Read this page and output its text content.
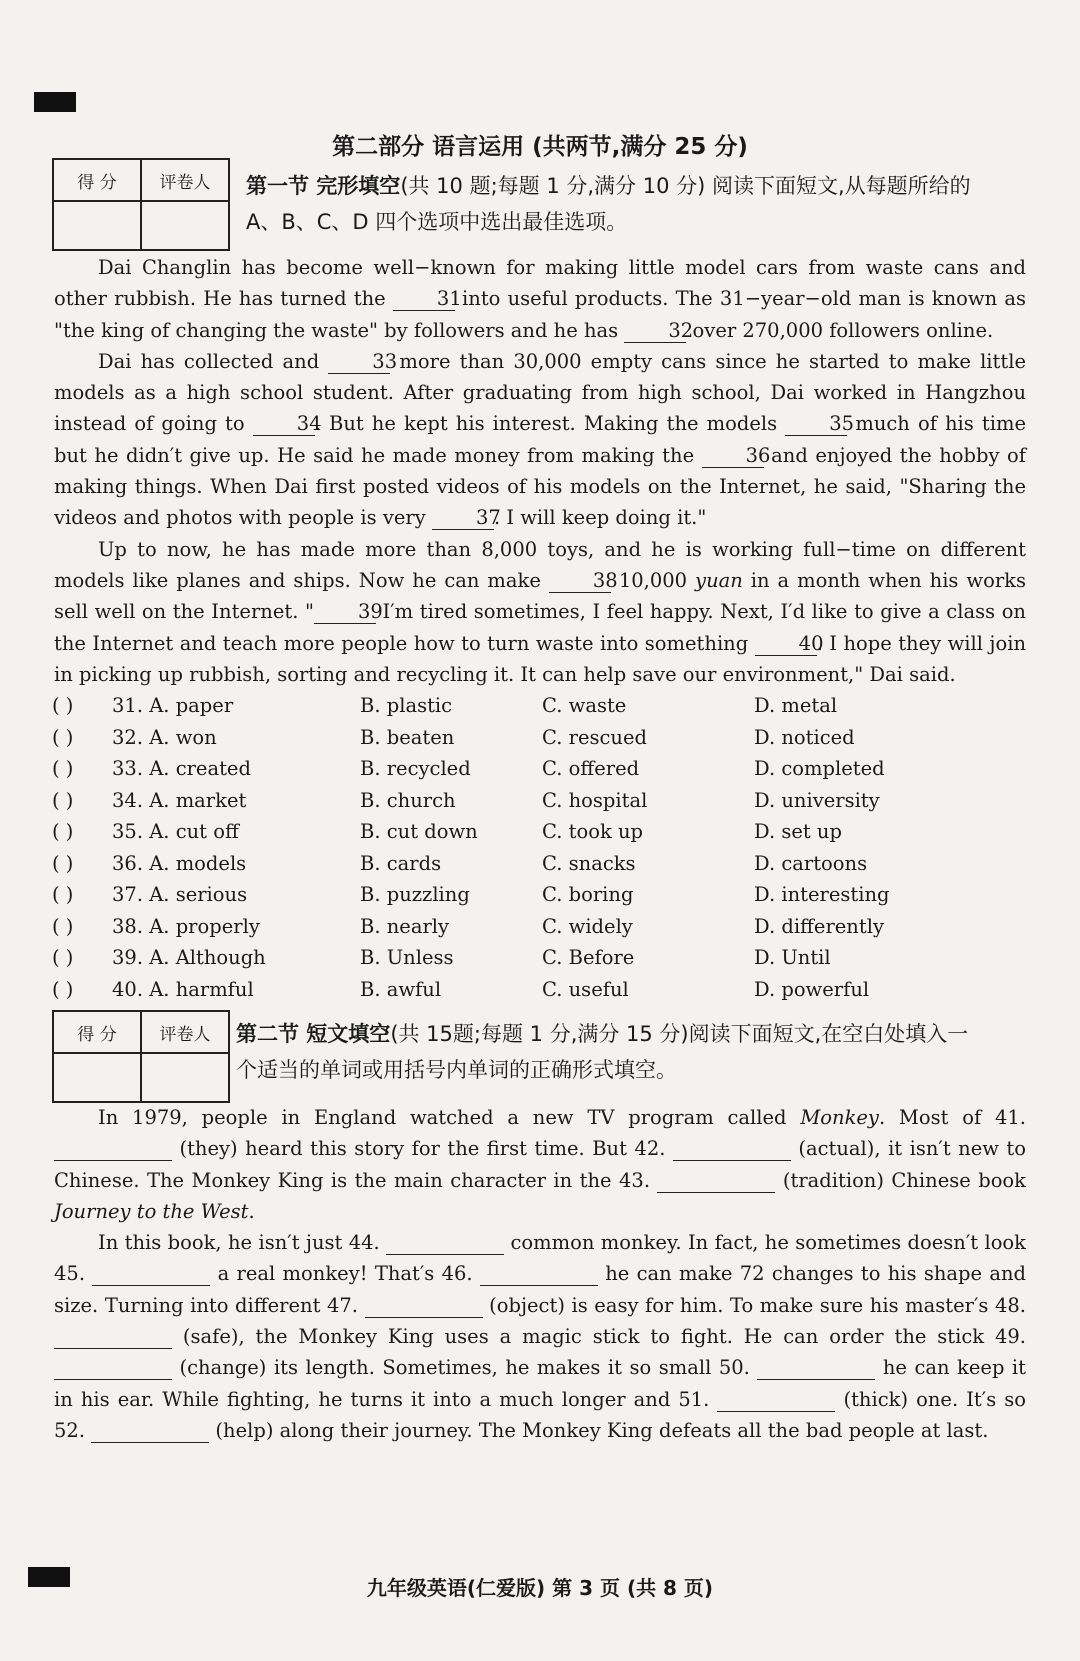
第二部分 语言运用 (共两节,满分 25 分)
得 分	评卷人
	第一节 完形填空(共 10 题;每题 1 分,满分 10 分) 阅读下面短文,从每题所给的 A、B、C、D 四个选项中选出最佳选项。

Dai Changlin has become well−known for making little model cars from waste cans and other rubbish. He has turned the 31 into useful products. The 31−year−old man is known as "the king of changing the waste" by followers and he has 32 over 270,000 followers online.

Dai has collected and 33 more than 30,000 empty cans since he started to make little models as a high school student. After graduating from high school, Dai worked in Hangzhou instead of going to 34. But he kept his interest. Making the models 35 much of his time but he didn′t give up. He said he made money from making the 36 and enjoyed the hobby of making things. When Dai first posted videos of his models on the Internet, he said, "Sharing the videos and photos with people is very 37. I will keep doing it."

Up to now, he has made more than 8,000 toys, and he is working full−time on different models like planes and ships. Now he can make 38 10,000 yuan in a month when his works sell well on the Internet. " 39 I′m tired sometimes, I feel happy. Next, I′d like to give a class on the Internet and teach more people how to turn waste into something 40. I hope they will join in picking up rubbish, sorting and recycling it. It can help save our environment," Dai said.

( ) 31. A. paper	B. plastic	C. waste	D. metal
( ) 32. A. won	B. beaten	C. rescued	D. noticed
( ) 33. A. created	B. recycled	C. offered	D. completed
( ) 34. A. market	B. church	C. hospital	D. university
( ) 35. A. cut off	B. cut down	C. took up	D. set up
( ) 36. A. models	B. cards	C. snacks	D. cartoons
( ) 37. A. serious	B. puzzling	C. boring	D. interesting
( ) 38. A. properly	B. nearly	C. widely	D. differently
( ) 39. A. Although	B. Unless	C. Before	D. Until
( ) 40. A. harmful	B. awful	C. useful	D. powerful
得 分	评卷人
	第二节 短文填空(共 15题;每题 1 分,满分 15 分)阅读下面短文,在空白处填入一个适当的单词或用括号内单词的正确形式填空。

In 1979, people in England watched a new TV program called Monkey. Most of 41.   (they) heard this story for the first time. But 42.	(actual), it isn′t new to Chinese. The Monkey King is the main character in the 43.	(tradition) Chinese book Journey to the West.

In this book, he isn′t just 44.	common monkey. In fact, he sometimes doesn′t look 45.	a real monkey! That′s 46.	he can make 72 changes to his shape and size. Turning into different 47.	(object) is easy for him. To make sure his master′s 48.   (safe), the Monkey King uses a magic stick to fight. He can order the stick 49.   (change) its length. Sometimes, he makes it so small 50.	he can keep it in his ear. While fighting, he turns it into a much longer and 51.	(thick) one. It′s so 52.	(help) along their journey. The Monkey King defeats all the bad people at last.

九年级英语(仁爱版) 第 3 页 (共 8 页)
